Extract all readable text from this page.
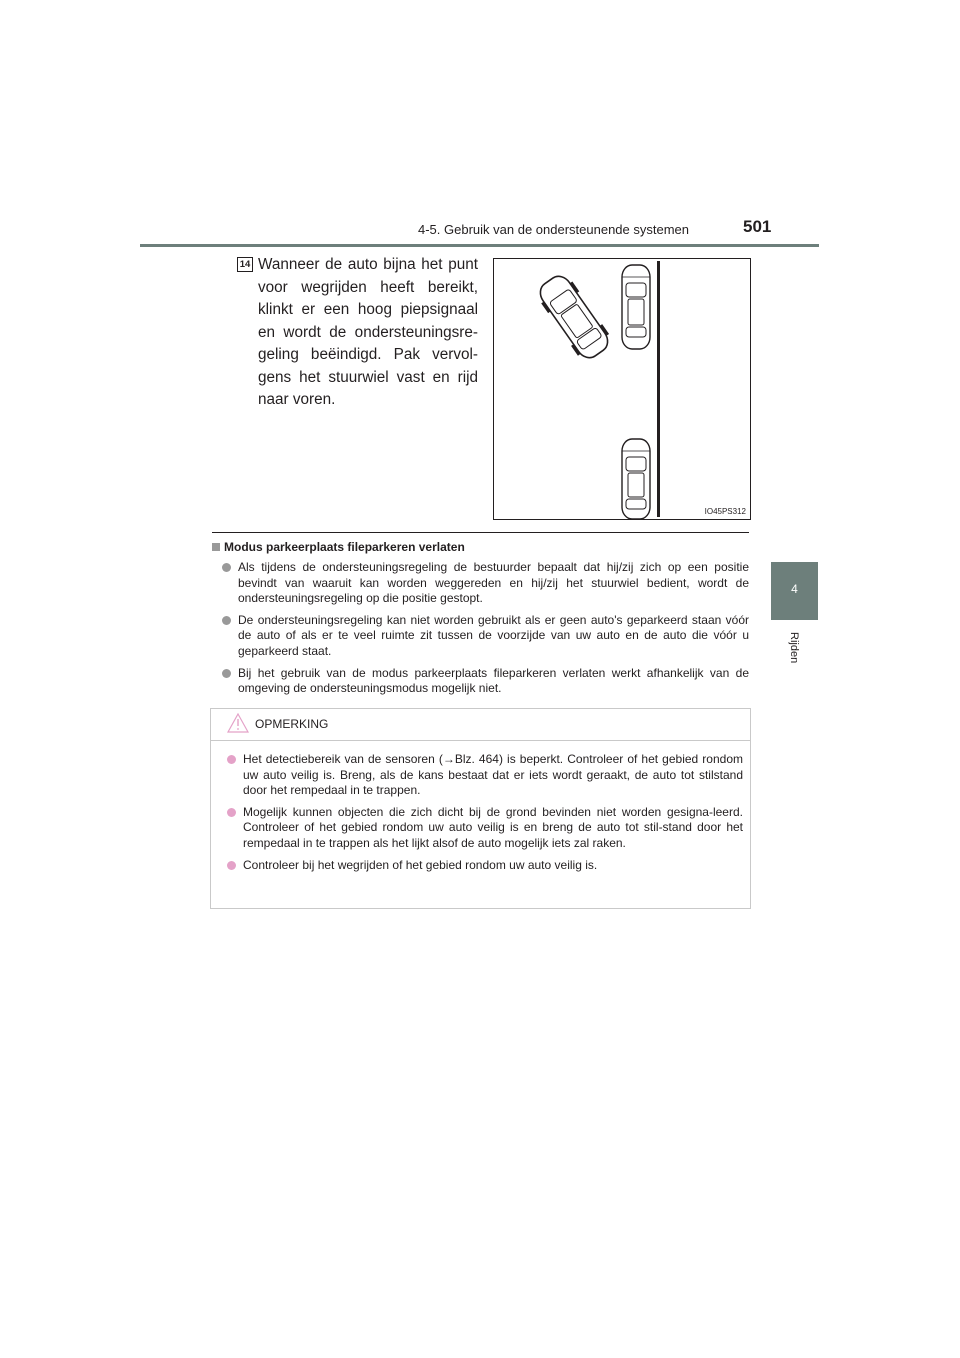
4-5. Gebruik van de ondersteunende systemen	501
4
Rijden
14 Wanneer de auto bijna het punt voor wegrijden heeft bereikt, klinkt er een hoog piepsignaal en wordt de ondersteuningsre-geling beëindigd. Pak vervol-gens het stuurwiel vast en rijd naar voren.
IO45PS312
Modus parkeerplaats fileparkeren verlaten
Als tijdens de ondersteuningsregeling de bestuurder bepaalt dat hij/zij zich op een positie bevindt van waaruit kan worden weggereden en hij/zij het stuurwiel bedient, wordt de ondersteuningsregeling op die positie gestopt.
De ondersteuningsregeling kan niet worden gebruikt als er geen auto's geparkeerd staan vóór de auto of als er te veel ruimte zit tussen de voorzijde van uw auto en de auto die vóór u geparkeerd staat.
Bij het gebruik van de modus parkeerplaats fileparkeren verlaten werkt afhankelijk van de omgeving de ondersteuningsmodus mogelijk niet.
OPMERKING
Het detectiebereik van de sensoren (→Blz. 464) is beperkt. Controleer of het gebied rondom uw auto veilig is. Breng, als de kans bestaat dat er iets wordt geraakt, de auto tot stilstand door het rempedaal in te trappen.
Mogelijk kunnen objecten die zich dicht bij de grond bevinden niet worden gesigna-leerd. Controleer of het gebied rondom uw auto veilig is en breng de auto tot stil-stand door het rempedaal in te trappen als het lijkt alsof de auto mogelijk iets zal raken.
Controleer bij het wegrijden of het gebied rondom uw auto veilig is.
